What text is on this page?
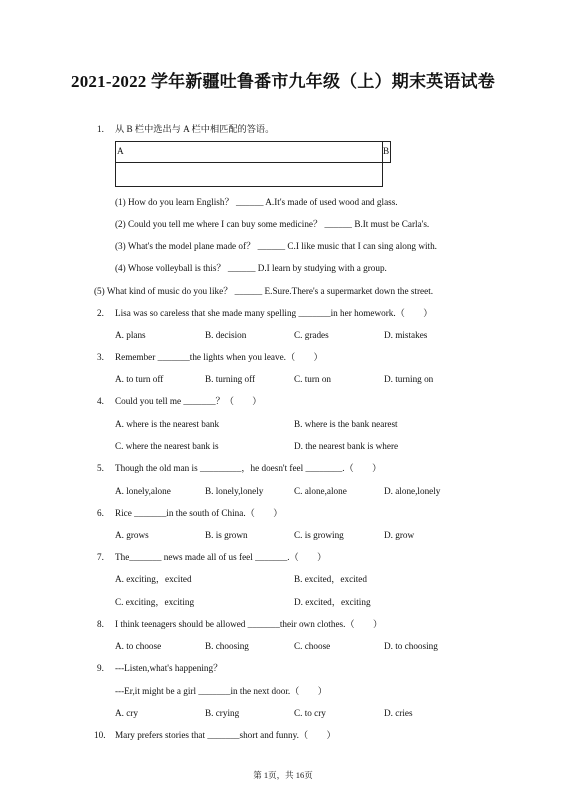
2021-2022 学年新疆吐鲁番市九年级（上）期末英语试卷
1. 从 B 栏中选出与 A 栏中相匹配的答语。
A	B
(1) How do you learn English？ ______ A.It's made of used wood and glass.
(2) Could you tell me where I can buy some medicine？ ______ B.It must be Carla's.
(3) What's the model plane made of？ ______ C.I like music that I can sing along with.
(4) Whose volleyball is this？ ______ D.I learn by studying with a group.
(5) What kind of music do you like？ ______ E.Sure.There's a supermarket down the street.
2. Lisa was so careless that she made many spelling _______in her homework.（　　）
A. plans	B. decision	C. grades	D. mistakes
3. Remember _______the lights when you leave.（　　）
A. to turn off	B. turning off	C. turn on	D. turning on
4. Could you tell me _______？（　　）
A. where is the nearest bank	B. where is the bank nearest
C. where the nearest bank is	D. the nearest bank is where
5. Though the old man is _________，he doesn't feel ________.（　　）
A. lonely,alone	B. lonely,lonely	C. alone,alone	D. alone,lonely
6. Rice _______in the south of China.（　　）
A. grows	B. is grown	C. is growing	D. grow
7. The_______ news made all of us feel _______.（　　）
A. exciting，excited	B. excited，excited
C. exciting，exciting	D. excited，exciting
8. I think teenagers should be allowed _______their own clothes.（　　）
A. to choose	B. choosing	C. choose	D. to choosing
9. ---Listen,what's happening？
---Er,it might be a girl _______in the next door.（　　）
A. cry	B. crying	C. to cry	D. cries
10. Mary prefers stories that _______short and funny.（　　）
第 1页，共 16页
